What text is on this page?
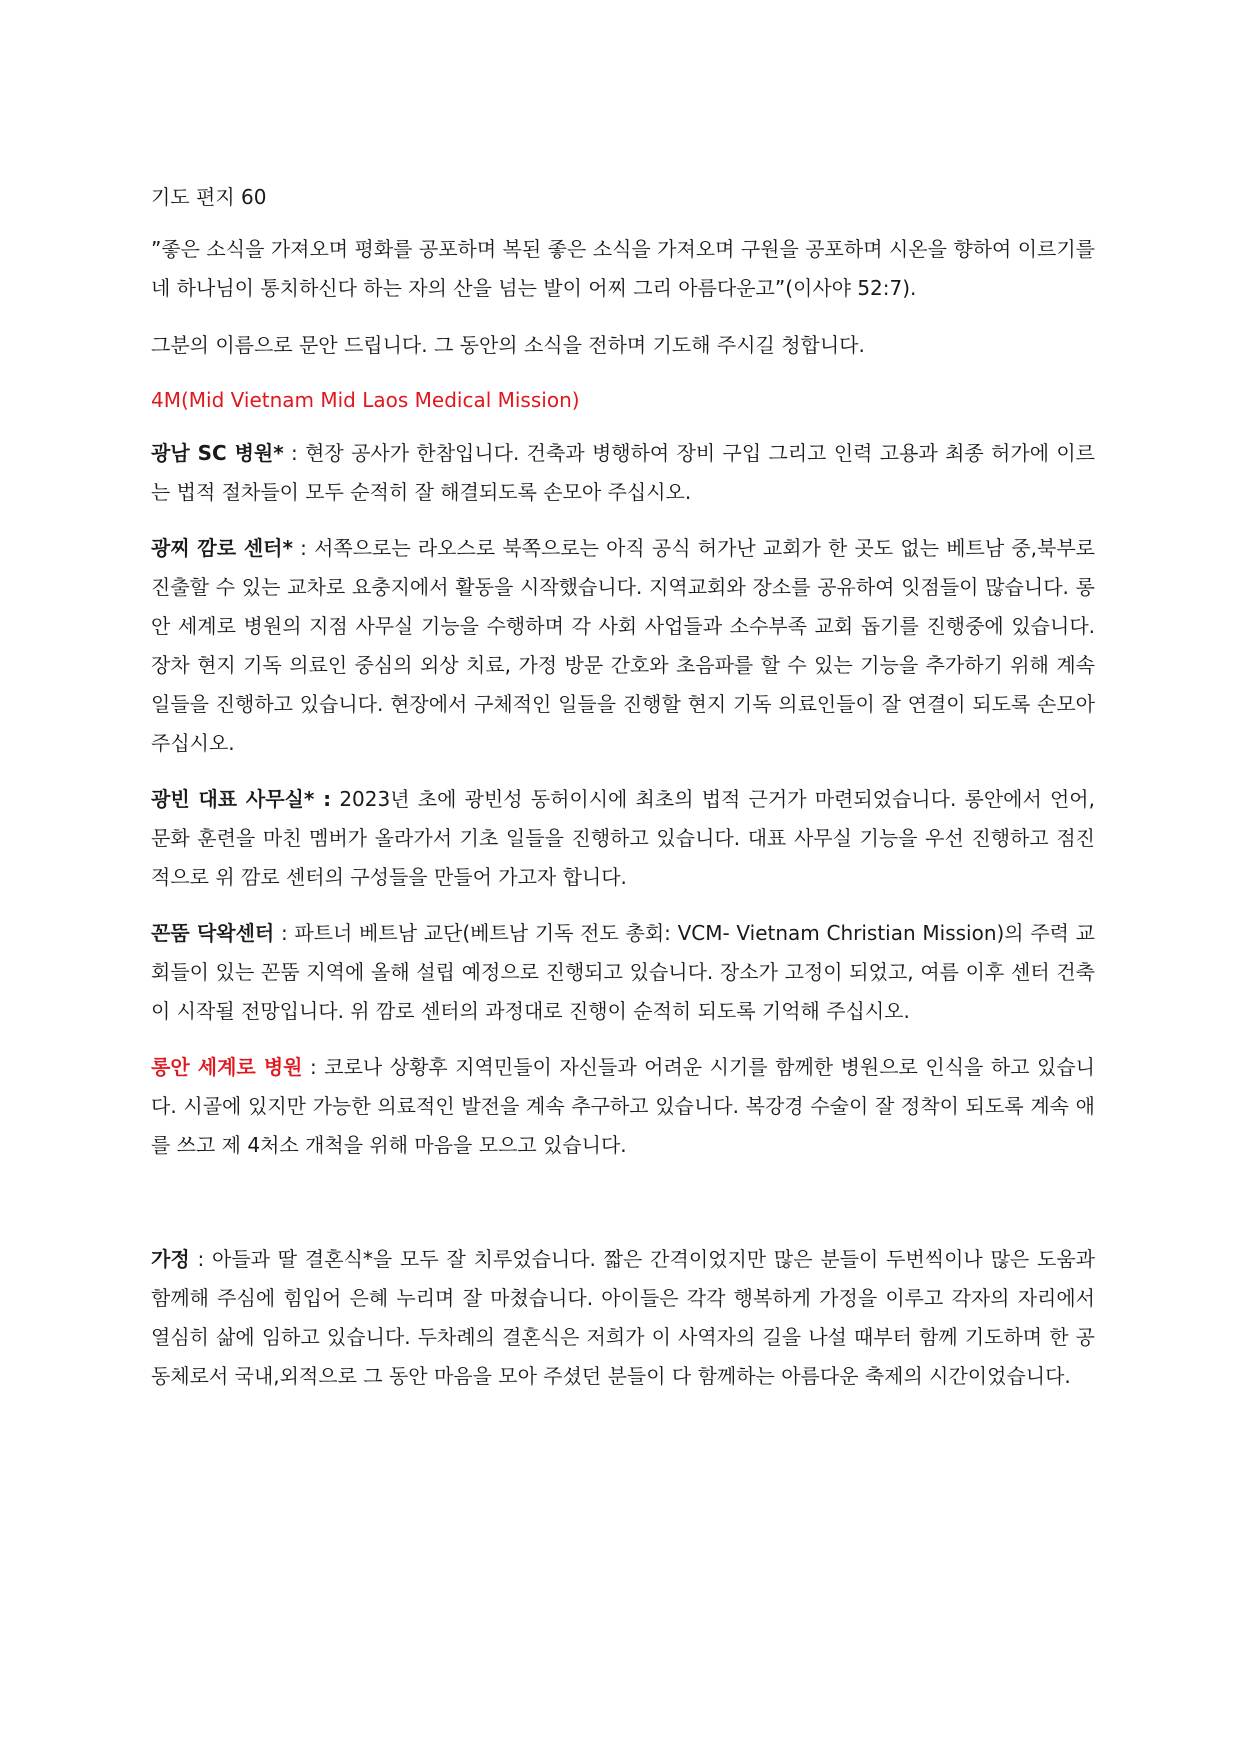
기도 편지 60

”좋은 소식을 가져오며 평화를 공포하며 복된 좋은 소식을 가져오며 구원을 공포하며 시온을 향하여 이르기를 네 하나님이 통치하신다 하는 자의 산을 넘는 발이 어찌 그리 아름다운고”(이사야 52:7).

그분의 이름으로 문안 드립니다. 그 동안의 소식을 전하며 기도해 주시길 청합니다.

4M(Mid Vietnam Mid Laos Medical Mission)

광남 SC 병원* : 현장 공사가 한참입니다. 건축과 병행하여 장비 구입 그리고 인력 고용과 최종 허가에 이르는 법적 절차들이 모두 순적히 잘 해결되도록 손모아 주십시오.

광찌 깜로 센터* : 서쪽으로는 라오스로 북쪽으로는 아직 공식 허가난 교회가 한 곳도 없는 베트남 중,북부로 진출할 수 있는 교차로 요충지에서 활동을 시작했습니다. 지역교회와 장소를 공유하여 잇점들이 많습니다. 롱안 세계로 병원의 지점 사무실 기능을 수행하며 각 사회 사업들과 소수부족 교회 돕기를 진행중에 있습니다. 장차 현지 기독 의료인 중심의 외상 치료, 가정 방문 간호와 초음파를 할 수 있는 기능을 추가하기 위해 계속 일들을 진행하고 있습니다. 현장에서 구체적인 일들을 진행할 현지 기독 의료인들이 잘 연결이 되도록 손모아 주십시오.

광빈 대표 사무실* : 2023년 초에 광빈성 동허이시에 최초의 법적 근거가 마련되었습니다. 롱안에서 언어, 문화 훈련을 마친 멤버가 올라가서 기초 일들을 진행하고 있습니다. 대표 사무실 기능을 우선 진행하고 점진적으로 위 깜로 센터의 구성들을 만들어 가고자 합니다.

꼰뚬 닥왁센터 : 파트너 베트남 교단(베트남 기독 전도 총회: VCM- Vietnam Christian Mission)의 주력 교회들이 있는 꼰뚬 지역에 올해 설립 예정으로 진행되고 있습니다. 장소가 고정이 되었고, 여름 이후 센터 건축이 시작될 전망입니다. 위 깜로 센터의 과정대로 진행이 순적히 되도록 기억해 주십시오.

롱안 세계로 병원 : 코로나 상황후 지역민들이 자신들과 어려운 시기를 함께한 병원으로 인식을 하고 있습니다. 시골에 있지만 가능한 의료적인 발전을 계속 추구하고 있습니다. 복강경 수술이 잘 정착이 되도록 계속 애를 쓰고 제 4처소 개척을 위해 마음을 모으고 있습니다.

가정 : 아들과 딸 결혼식*을 모두 잘 치루었습니다. 짧은 간격이었지만 많은 분들이 두번씩이나 많은 도움과 함께해 주심에 힘입어 은혜 누리며 잘 마쳤습니다. 아이들은 각각 행복하게 가정을 이루고 각자의 자리에서 열심히 삶에 임하고 있습니다. 두차례의 결혼식은 저희가 이 사역자의 길을 나설 때부터 함께 기도하며 한 공동체로서 국내,외적으로 그 동안 마음을 모아 주셨던 분들이 다 함께하는 아름다운 축제의 시간이었습니다.
